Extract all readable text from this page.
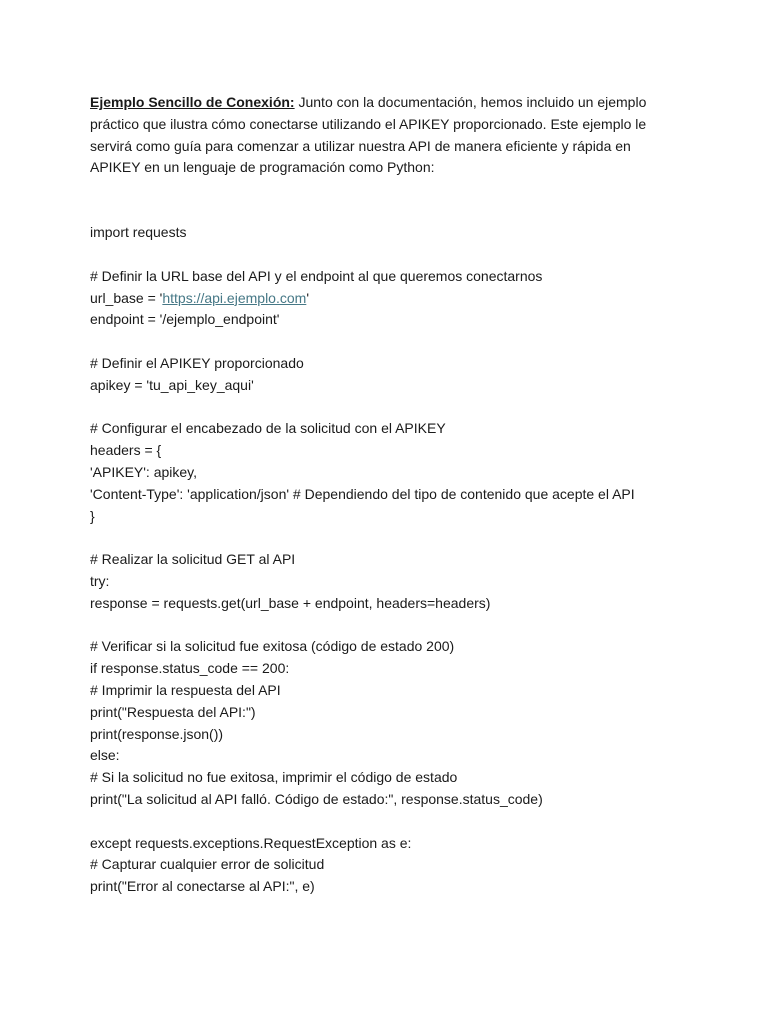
Ejemplo Sencillo de Conexión: Junto con la documentación, hemos incluido un ejemplo práctico que ilustra cómo conectarse utilizando el APIKEY proporcionado. Este ejemplo le servirá como guía para comenzar a utilizar nuestra API de manera eficiente y rápida en APIKEY en un lenguaje de programación como Python:

import requests
# Definir la URL base del API y el endpoint al que queremos conectarnos
url_base = 'https://api.ejemplo.com'
endpoint = '/ejemplo_endpoint'
# Definir el APIKEY proporcionado
apikey = 'tu_api_key_aqui'
# Configurar el encabezado de la solicitud con el APIKEY
headers = {
'APIKEY': apikey,
'Content-Type': 'application/json' # Dependiendo del tipo de contenido que acepte el API
}
# Realizar la solicitud GET al API
try:
response = requests.get(url_base + endpoint, headers=headers)
# Verificar si la solicitud fue exitosa (código de estado 200)
if response.status_code == 200:
# Imprimir la respuesta del API
print("Respuesta del API:")
print(response.json())
else:
# Si la solicitud no fue exitosa, imprimir el código de estado
print("La solicitud al API falló. Código de estado:", response.status_code)
except requests.exceptions.RequestException as e:
# Capturar cualquier error de solicitud
print("Error al conectarse al API:", e)
